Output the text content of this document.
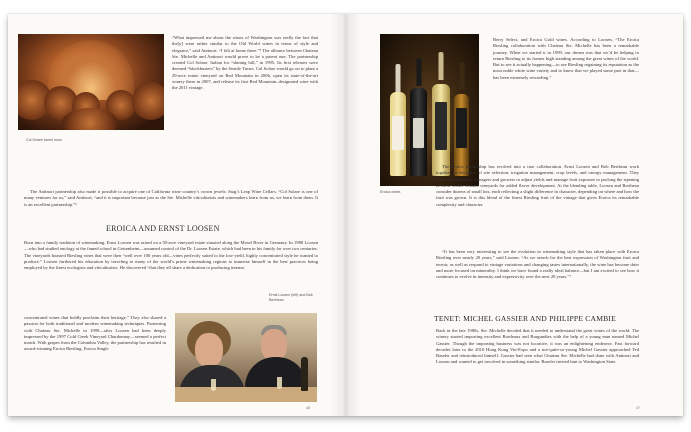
Col Solare barrel room

“What impressed me about the wines of Washington was really the fact that the[y] were rather similar to the Old World wines in terms of style and elegance,” said Antinori. “I felt at home there.”⁵ The alliance between Chateau Ste. Michelle and Antinori would prove to be a potent one. The partnership created Col Solare, Italian for “shining hill,” in 1995. Its first releases were deemed “blockbusters” by the Seattle Times. Col Solare would go on to plant a 29-acre estate vineyard on Red Mountain in 2006, open its state-of-the-art winery there in 2007, and release its first Red Mountain–designated wine with the 2011 vintage.

The Antinori partnership also made it possible to acquire one of California wine country’s crown jewels: Stag’s Leap Wine Cellars. “Col Solare is one of many ventures for us,” said Antinori, “and it is important because just as the Ste. Michelle viticulturists and winemakers learn from us, we learn from them. It is an excellent partnership.”⁶

EROICA AND ERNST LOOSEN

Born into a family tradition of winemaking, Ernst Loosen was raised on a 50-acre vineyard estate situated along the Mosel River in Germany. In 1988 Loosen—who had studied enology at the famed school in Geisenheim—assumed control of the Dr. Loosen Estate, which had been in his family for over two centuries. The vineyards boasted Riesling vines that were then “well over 100 years old—vines perfectly suited to the low-yield, highly concentrated style he wanted to produce.” Loosen furthered his education by traveling to many of the world’s prime winemaking regions to immerse himself in the best practices being employed by the finest ecologists and viticulturists. He discovered “that they all share a dedication to producing intense,

concentrated wines that boldly proclaim their heritage.” They also shared a passion for both traditional and modern winemaking techniques. Partnering with Chateau Ste. Michelle in 1999—after Loosen had been deeply impressed by the 1997 Cold Creek Vineyard Chardonnay—seemed a perfect match. With grapes from the Columbia Valley, the partnership has resulted in award-winning Eroica Riesling, Eroica Single

Ernst Loosen (left) and Bob Bertheau

46

Eroica wines

Berry Select, and Eroica Gold wines. According to Loosen, “The Eroica Riesling collaboration with Chateau Ste. Michelle has been a remarkable journey. When we started it in 1999, our dream was that we’d be helping to return Riesling to its former high standing among the great wines of the world. But to see it actually happening—to see Riesling regaining its reputation as the most noble white wine variety and to know that we played some part in that—has been extremely rewarding.”

The Eroica partnership has evolved into a true collaboration. Ernst Loosen and Bob Bertheau work together on decisions of site selection, irrigation management, crop levels, and canopy management. They work with vineyard managers and growers to adjust yields and manage fruit exposure to prolong the ripening of these cooler climate vineyards for added flavor development. At the blending table, Loosen and Bertheau consider dozens of small lots, each reflecting a slight difference in character, depending on where and how the fruit was grown. It is this blend of the finest Riesling fruit of the vintage that gives Eroica its remarkable complexity and character.

“It has been very interesting to see the evolution in winemaking style that has taken place with Eroica Riesling over nearly 20 years,” said Loosen. “As we search for the best expression of Washington fruit and terroir, as well as respond to vintage variations and changing tastes internationally, the wine has become drier and more focused on minerality. I think we have found a really ideal balance—but I am excited to see how it continues to evolve in intensity and expressivity over the next 20 years.”⁷

TENET: MICHEL GASSIER AND PHILIPPE CAMBIE

Back in the late 1980s, Ste. Michelle decided that it needed to understand the great wines of the world. The winery started importing excellent Bordeaux and Burgundies with the help of a young man named Michel Gassier. Though the importing business was not lucrative, it was an enlightening endeavor. Fast forward decades later to the 2010 Hong Kong Vin-Expo and a not-quite-so-young Michel Gassier approached Ted Baseler and reintroduced himself. Gassier had seen what Chateau Ste. Michelle had done with Antinori and Loosen and wanted to get involved in something similar. Baseler invited him to Washington State.

47
